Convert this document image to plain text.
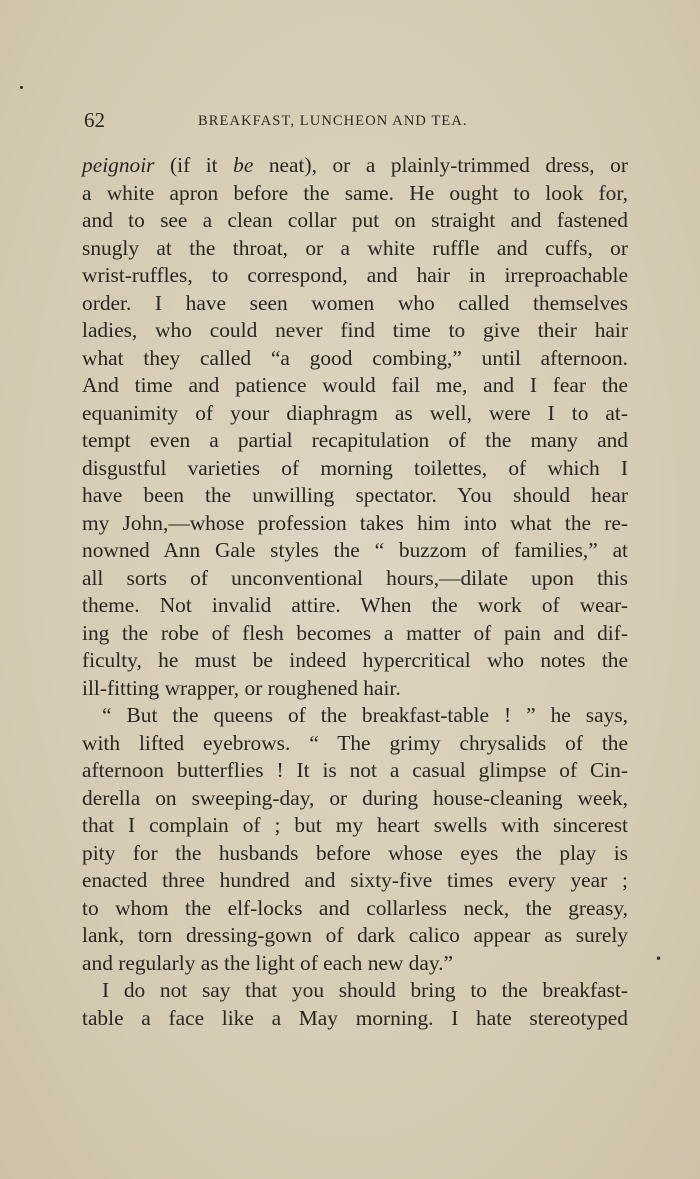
62	BREAKFAST, LUNCHEON AND TEA.
peignoir (if it be neat), or a plainly-trimmed dress, or
a white apron before the same. He ought to look for,
and to see a clean collar put on straight and fastened
snugly at the throat, or a white ruffle and cuffs, or
wrist-ruffles, to correspond, and hair in irreproachable
order. I have seen women who called themselves
ladies, who could never find time to give their hair
what they called “a good combing,” until afternoon.
And time and patience would fail me, and I fear the
equanimity of your diaphragm as well, were I to at-
tempt even a partial recapitulation of the many and
disgustful varieties of morning toilettes, of which I
have been the unwilling spectator. You should hear
my John,—whose profession takes him into what the re-
nowned Ann Gale styles the “ buzzom of families,” at
all sorts of unconventional hours,—dilate upon this
theme. Not invalid attire. When the work of wear-
ing the robe of flesh becomes a matter of pain and dif-
ficulty, he must be indeed hypercritical who notes the
ill-fitting wrapper, or roughened hair.
“ But the queens of the breakfast-table ! ” he says,
with lifted eyebrows. “ The grimy chrysalids of the
afternoon butterflies ! It is not a casual glimpse of Cin-
derella on sweeping-day, or during house-cleaning week,
that I complain of ; but my heart swells with sincerest
pity for the husbands before whose eyes the play is
enacted three hundred and sixty-five times every year ;
to whom the elf-locks and collarless neck, the greasy,
lank, torn dressing-gown of dark calico appear as surely
and regularly as the light of each new day.”
I do not say that you should bring to the breakfast-
table a face like a May morning. I hate stereotyped
•
